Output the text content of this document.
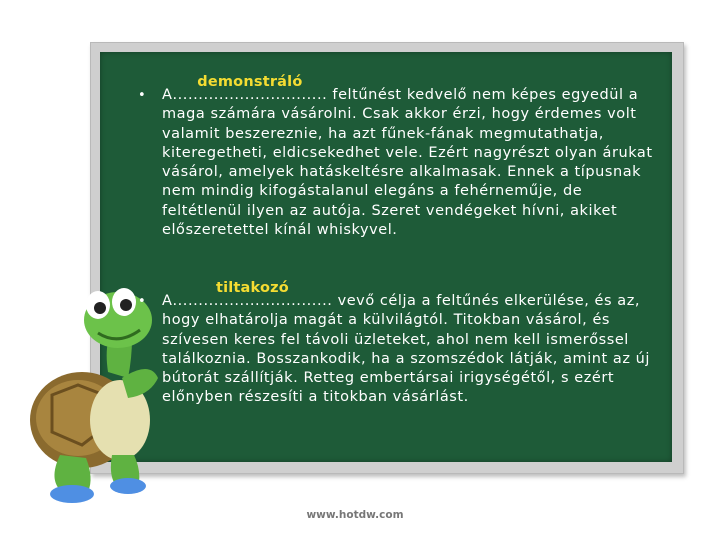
• A..............................
demonstráló
feltűnést kedvelő nem képes egyedül a maga számára vásárolni. Csak akkor érzi, hogy érdemes volt valamit beszereznie, ha azt fűnek-fának megmutathatja, kiteregetheti, eldicsekedhet vele. Ezért nagyrészt olyan árukat vásárol, amelyek hatáskeltésre alkalmasak. Ennek a típusnak nem mindig kifogástalanul elegáns a fehérneműje, de feltétlenül ilyen az autója. Szeret vendégeket hívni, akiket előszeretettel kínál whiskyvel.
• A...............................
tiltakozó
vevő célja a feltűnés elkerülése, és az, hogy elhatárolja magát a külvilágtól. Titokban vásárol, és szívesen keres fel távoli üzleteket, ahol nem kell ismerőssel találkoznia. Bosszankodik, ha a szomszédok látják, amint az új bútorát szállítják. Retteg embertársai irigységétől, s ezért előnyben részesíti a titokban vásárlást.
www.hotdw.com
